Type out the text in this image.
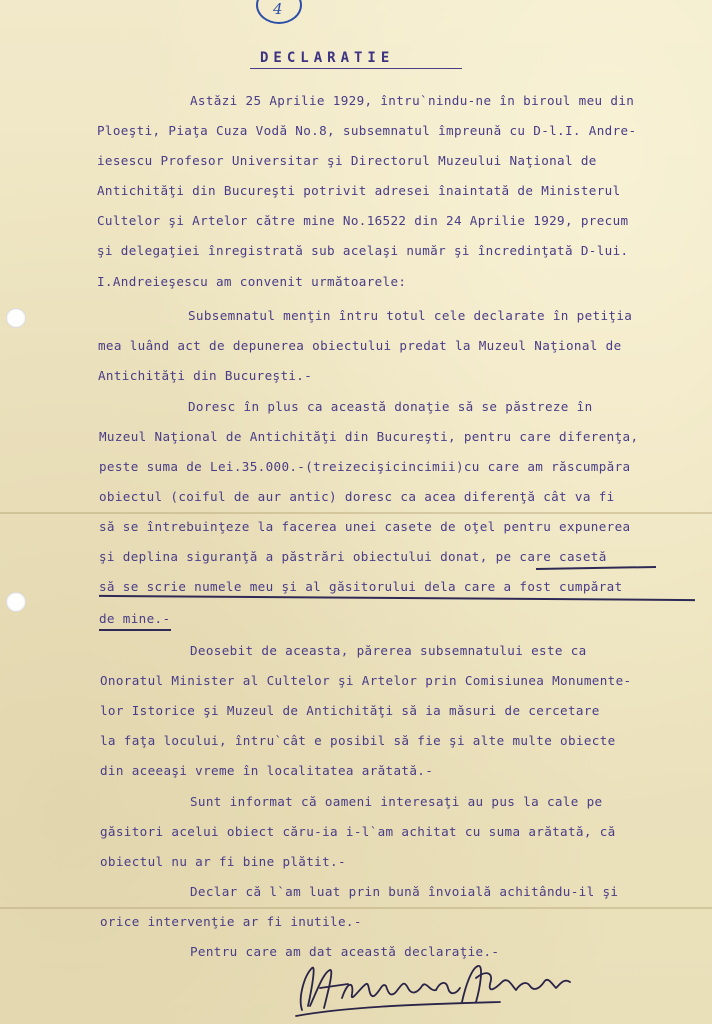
4
DECLARATIE
Astăzi 25 Aprilie 1929, întru`nindu-ne în biroul meu din
Ploeşti, Piaţa Cuza Vodă No.8, subsemnatul împreună cu D-l.I. Andre-
iesescu Profesor Universitar şi Directorul Muzeului Naţional de
Antichităţi din Bucureşti potrivit adresei înaintată de Ministerul
Cultelor şi Artelor către mine No.16522 din 24 Aprilie 1929, precum
şi delegaţiei înregistrată sub acelaşi număr şi încredinţată D-lui.
I.Andreieşescu am convenit următoarele:
Subsemnatul menţin întru totul cele declarate în petiţia
mea luând act de depunerea obiectului predat la Muzeul Naţional de
Antichităţi din Bucureşti.-
Doresc în plus ca această donaţie să se păstreze în
Muzeul Naţional de Antichităţi din Bucureşti, pentru care diferenţa,
peste suma de Lei.35.000.-(treizecişicincimii)cu care am răscumpăra
obiectul (coiful de aur antic) doresc ca acea diferenţă cât va fi
să se întrebuinţeze la facerea unei casete de oţel pentru expunerea
şi deplina siguranţă a păstrări obiectului donat, pe care casetă
să se scrie numele meu şi al găsitorului dela care a fost cumpărat
de mine.-
Deosebit de aceasta, părerea subsemnatului este ca
Onoratul Minister al Cultelor şi Artelor prin Comisiunea Monumente-
lor Istorice şi Muzeul de Antichităţi să ia măsuri de cercetare
la faţa locului, întru`cât e posibil să fie şi alte multe obiecte
din aceeaşi vreme în localitatea arătată.-
Sunt informat că oameni interesaţi au pus la cale pe
găsitori acelui obiect căru-ia i-l`am achitat cu suma arătată, că
obiectul nu ar fi bine plătit.-
Declar că l`am luat prin bună învoială achitându-il şi
orice intervenţie ar fi inutile.-
Pentru care am dat această declaraţie.-
